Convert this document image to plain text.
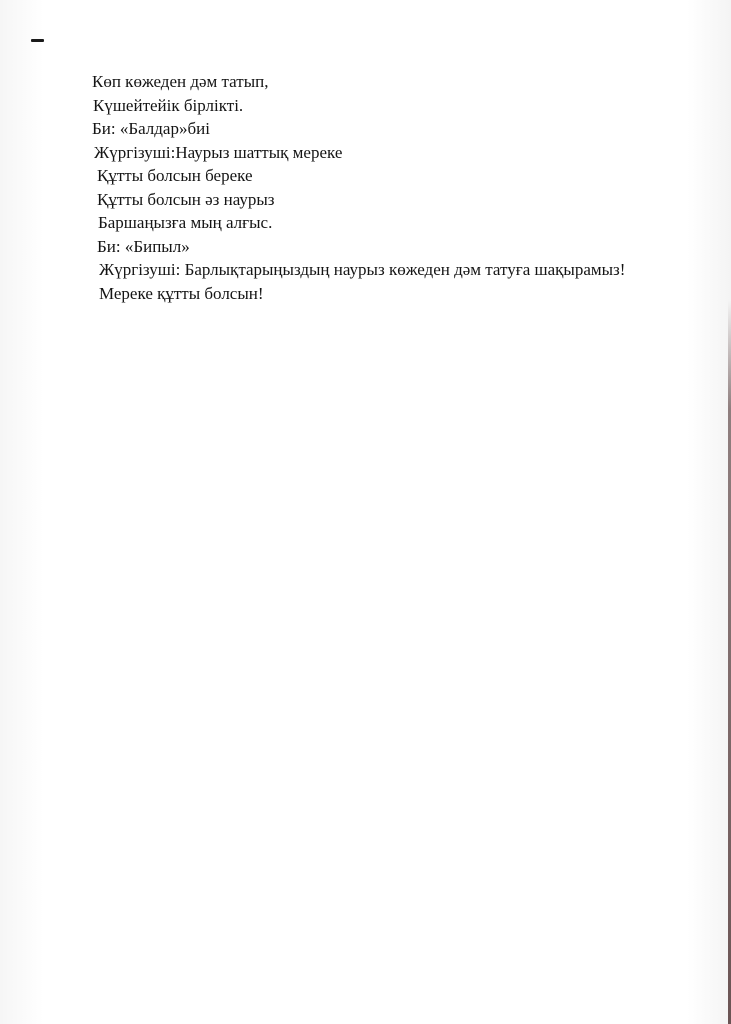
Көп көжеден дәм татып,
Күшейтейік бірлікті.
Би: «Балдар»биі
Жүргізуші:Наурыз шаттық мереке
Құтты болсын береке
Құтты болсын әз наурыз
Баршаңызға мың алғыс.
Би: «Бипыл»
Жүргізуші: Барлықтарыңыздың наурыз көжеден дәм татуға шақырамыз! Мереке құтты болсын!
